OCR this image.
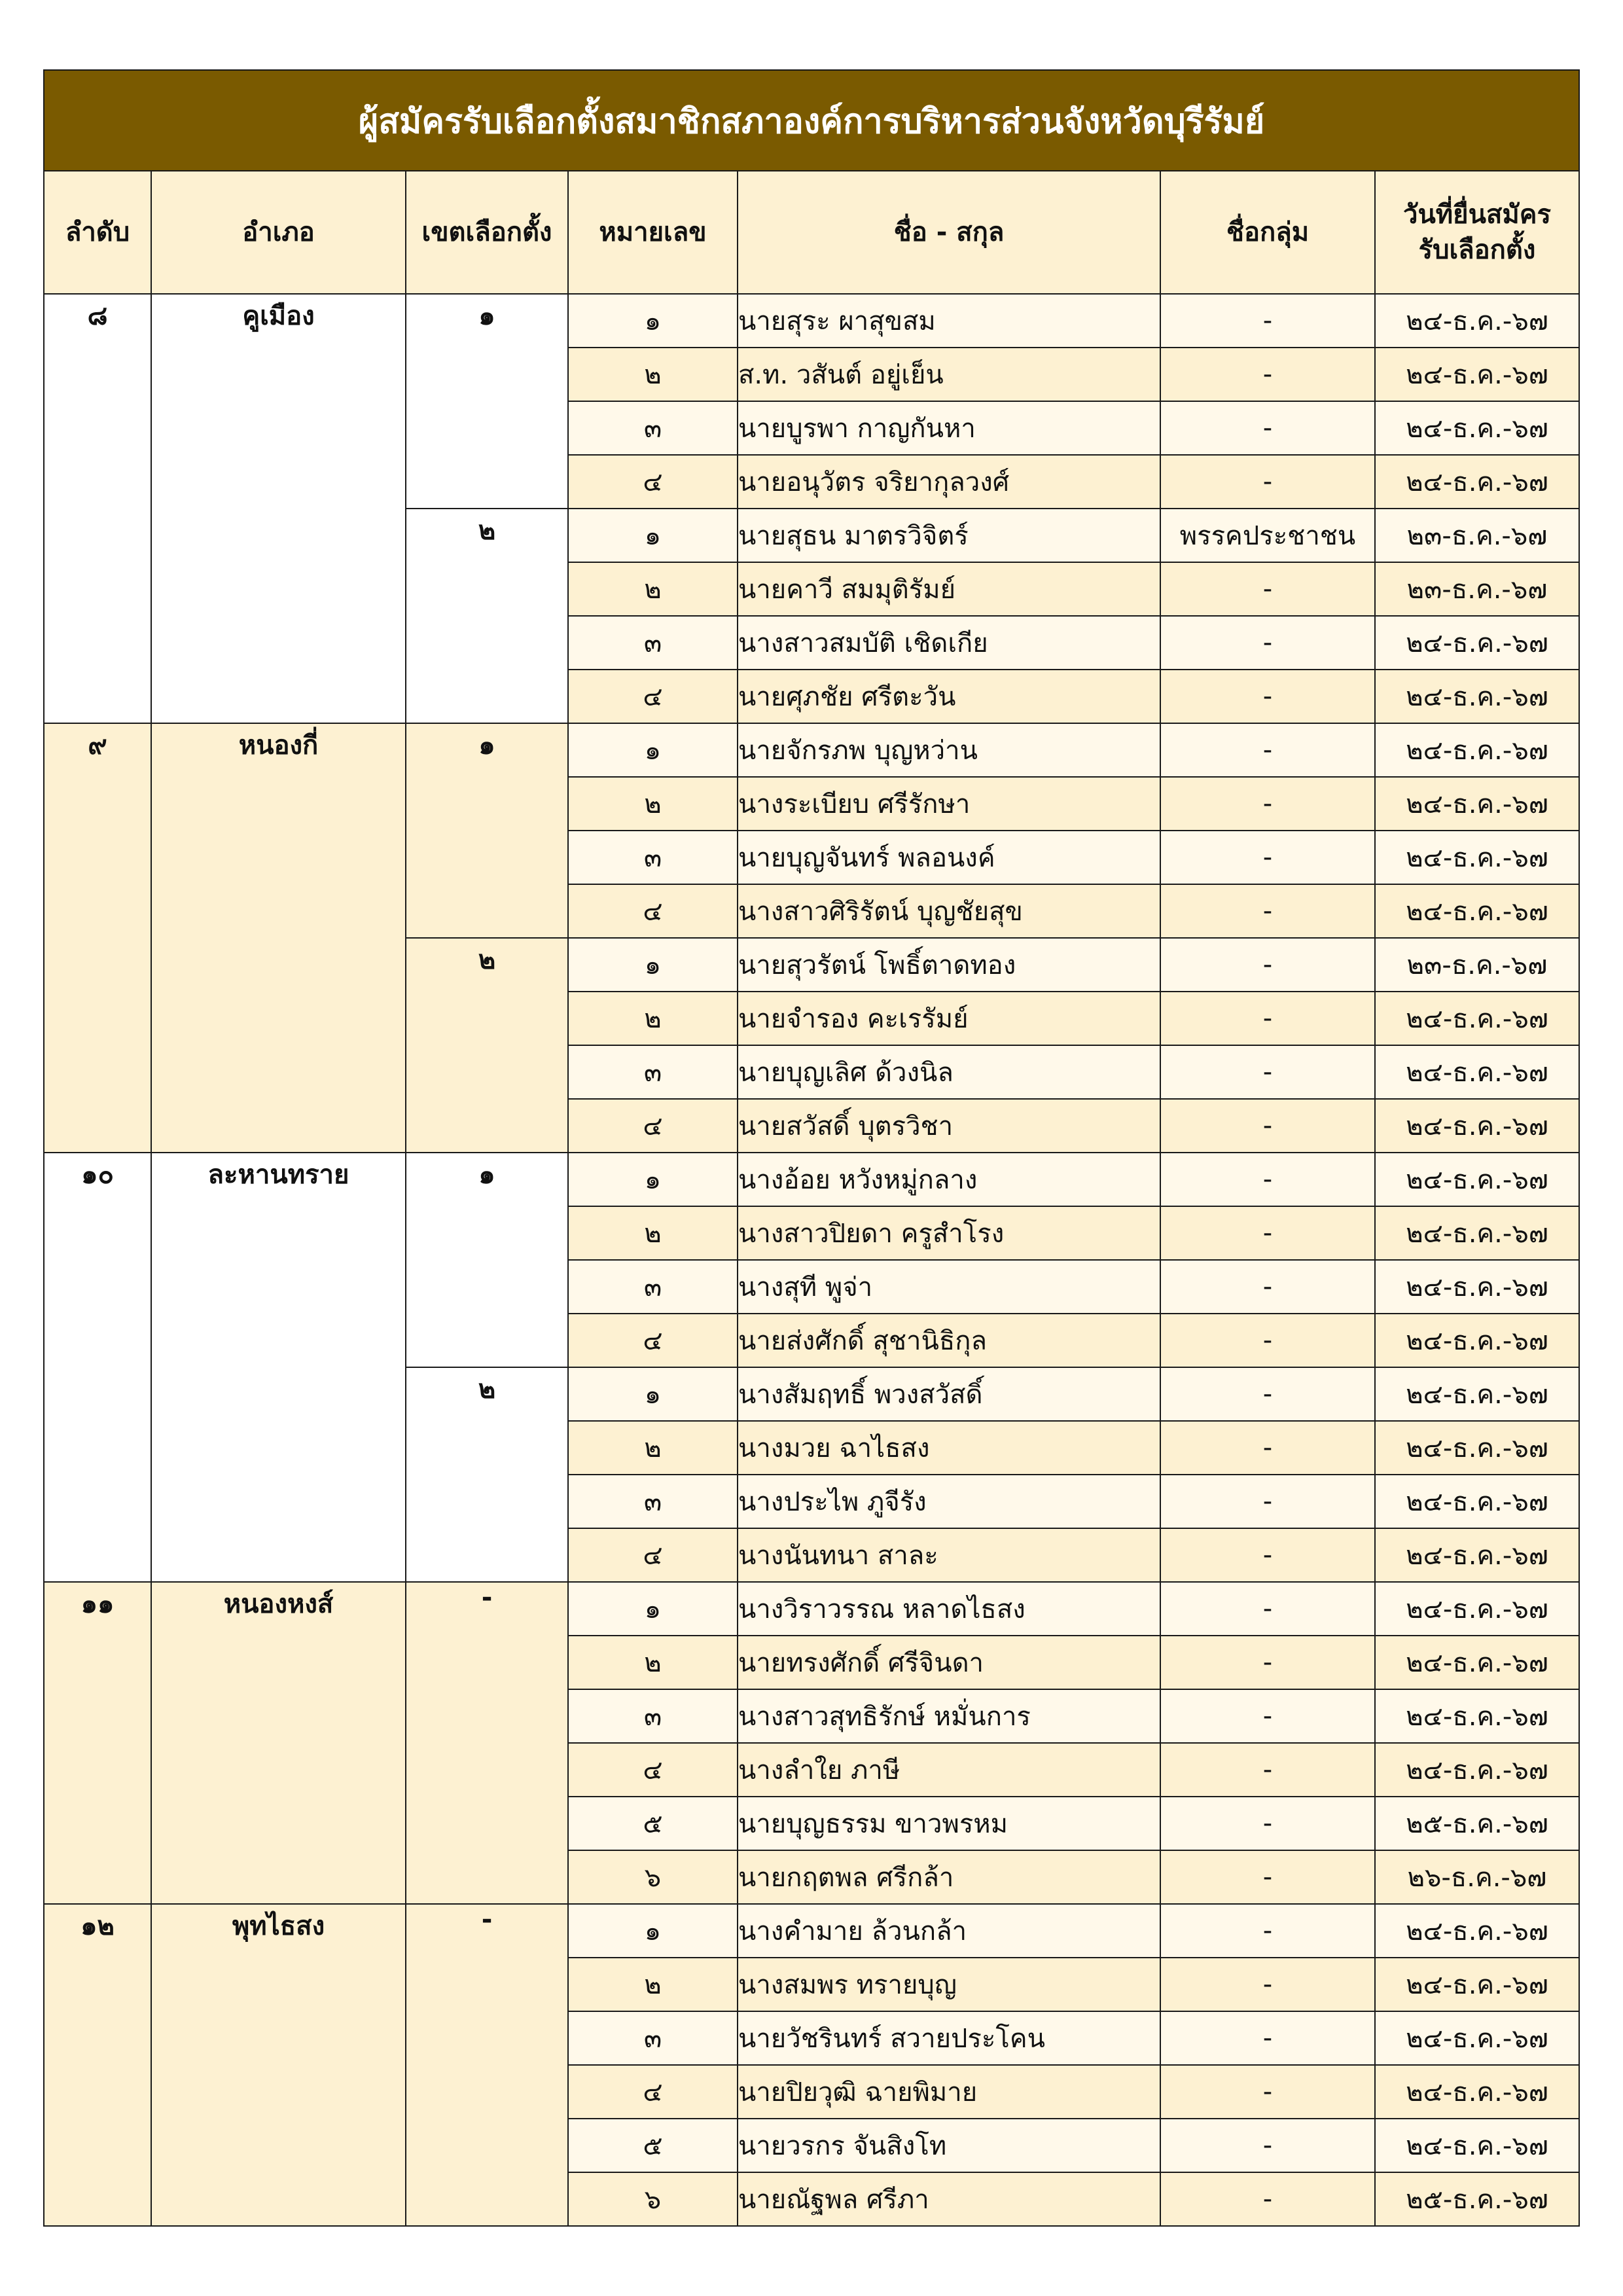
ผู้สมัครรับเลือกตั้งสมาชิกสภาองค์การบริหารส่วนจังหวัดบุรีรัมย์						
ลำดับ	อำเภอ	เขตเลือกตั้ง	หมายเลข	ชื่อ - สกุล	ชื่อกลุ่ม	วันที่ยื่นสมัคร
รับเลือกตั้ง
๘	คูเมือง	๑	๑	นายสุระ ผาสุขสม	-	๒๔-ธ.ค.-๖๗
			๒	ส.ท. วสันต์ อยู่เย็น	-	๒๔-ธ.ค.-๖๗
			๓	นายบูรพา กาญกันหา	-	๒๔-ธ.ค.-๖๗
			๔	นายอนุวัตร จริยากุลวงศ์	-	๒๔-ธ.ค.-๖๗
		๒	๑	นายสุธน มาตรวิจิตร์	พรรคประชาชน	๒๓-ธ.ค.-๖๗
			๒	นายคาวี สมมุติรัมย์	-	๒๓-ธ.ค.-๖๗
			๓	นางสาวสมบัติ เชิดเกีย	-	๒๔-ธ.ค.-๖๗
			๔	นายศุภชัย ศรีตะวัน	-	๒๔-ธ.ค.-๖๗
๙	หนองกี่	๑	๑	นายจักรภพ บุญหว่าน	-	๒๔-ธ.ค.-๖๗
			๒	นางระเบียบ ศรีรักษา	-	๒๔-ธ.ค.-๖๗
			๓	นายบุญจันทร์ พลอนงค์	-	๒๔-ธ.ค.-๖๗
			๔	นางสาวศิริรัตน์ บุญชัยสุข	-	๒๔-ธ.ค.-๖๗
		๒	๑	นายสุวรัตน์ โพธิ์ตาดทอง	-	๒๓-ธ.ค.-๖๗
			๒	นายจำรอง คะเรรัมย์	-	๒๔-ธ.ค.-๖๗
			๓	นายบุญเลิศ ด้วงนิล	-	๒๔-ธ.ค.-๖๗
			๔	นายสวัสดิ์ บุตรวิชา	-	๒๔-ธ.ค.-๖๗
๑๐	ละหานทราย	๑	๑	นางอ้อย หวังหมู่กลาง	-	๒๔-ธ.ค.-๖๗
			๒	นางสาวปิยดา ครูสำโรง	-	๒๔-ธ.ค.-๖๗
			๓	นางสุที พูจ่า	-	๒๔-ธ.ค.-๖๗
			๔	นายส่งศักดิ์ สุชานิธิกุล	-	๒๔-ธ.ค.-๖๗
		๒	๑	นางสัมฤทธิ์ พวงสวัสดิ์	-	๒๔-ธ.ค.-๖๗
			๒	นางมวย ฉาไธสง	-	๒๔-ธ.ค.-๖๗
			๓	นางประไพ ภูจีรัง	-	๒๔-ธ.ค.-๖๗
			๔	นางนันทนา สาละ	-	๒๔-ธ.ค.-๖๗
๑๑	หนองหงส์	-	๑	นางวิราวรรณ หลาดไธสง	-	๒๔-ธ.ค.-๖๗
			๒	นายทรงศักดิ์ ศรีจินดา	-	๒๔-ธ.ค.-๖๗
			๓	นางสาวสุทธิรักษ์ หมั่นการ	-	๒๔-ธ.ค.-๖๗
			๔	นางลำใย ภาษี	-	๒๔-ธ.ค.-๖๗
			๕	นายบุญธรรม ขาวพรหม	-	๒๕-ธ.ค.-๖๗
			๖	นายกฤตพล ศรีกล้า	-	๒๖-ธ.ค.-๖๗
๑๒	พุทไธสง	-	๑	นางคำมาย ล้วนกล้า	-	๒๔-ธ.ค.-๖๗
			๒	นางสมพร ทรายบุญ	-	๒๔-ธ.ค.-๖๗
			๓	นายวัชรินทร์ สวายประโคน	-	๒๔-ธ.ค.-๖๗
			๔	นายปิยวุฒิ ฉายพิมาย	-	๒๔-ธ.ค.-๖๗
			๕	นายวรกร จันสิงโท	-	๒๔-ธ.ค.-๖๗
			๖	นายณัฐพล ศรีภา	-	๒๕-ธ.ค.-๖๗
